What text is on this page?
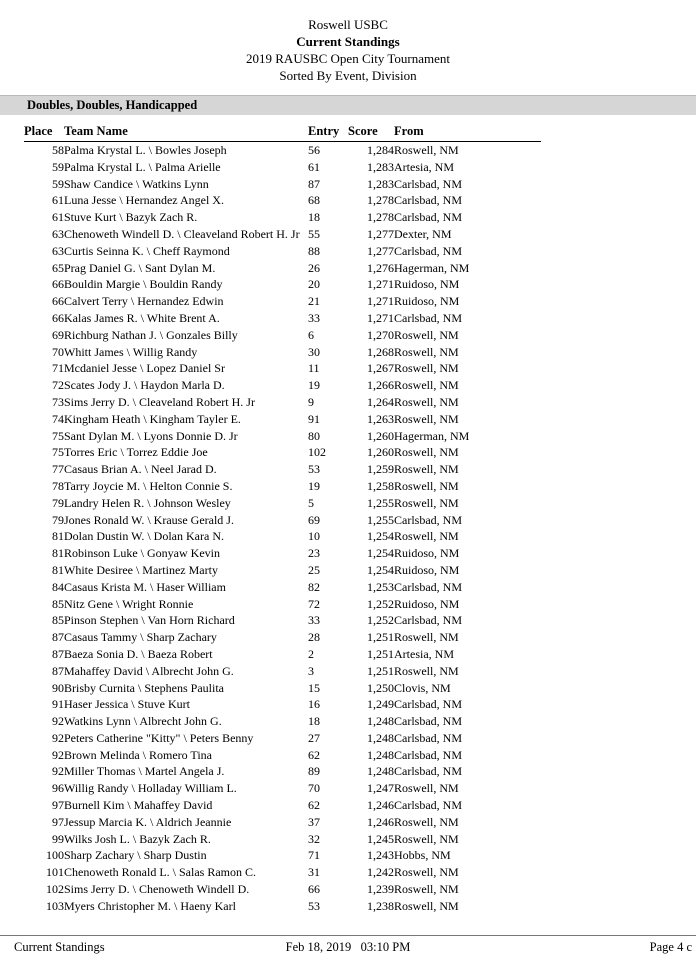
Roswell USBC
Current Standings
2019 RAUSBC Open City Tournament
Sorted By Event, Division
Doubles, Doubles, Handicapped
Place	Team Name	Entry	Score	From
58	Palma Krystal L. \ Bowles Joseph	56	1,284	Roswell, NM
59	Palma Krystal L. \ Palma Arielle	61	1,283	Artesia, NM
59	Shaw Candice \ Watkins Lynn	87	1,283	Carlsbad, NM
61	Luna Jesse \ Hernandez Angel X.	68	1,278	Carlsbad, NM
61	Stuve Kurt \ Bazyk Zach R.	18	1,278	Carlsbad, NM
63	Chenoweth Windell D. \ Cleaveland Robert H. Jr	55	1,277	Dexter, NM
63	Curtis Seinna K. \ Cheff Raymond	88	1,277	Carlsbad, NM
65	Prag Daniel G. \ Sant Dylan M.	26	1,276	Hagerman, NM
66	Bouldin Margie \ Bouldin Randy	20	1,271	Ruidoso, NM
66	Calvert Terry \ Hernandez Edwin	21	1,271	Ruidoso, NM
66	Kalas James R. \ White Brent A.	33	1,271	Carlsbad, NM
69	Richburg Nathan J. \ Gonzales Billy	6	1,270	Roswell, NM
70	Whitt James \ Willig Randy	30	1,268	Roswell, NM
71	Mcdaniel Jesse \ Lopez Daniel Sr	11	1,267	Roswell, NM
72	Scates Jody J. \ Haydon Marla D.	19	1,266	Roswell, NM
73	Sims Jerry D. \ Cleaveland Robert H. Jr	9	1,264	Roswell, NM
74	Kingham Heath \ Kingham Tayler E.	91	1,263	Roswell, NM
75	Sant Dylan M. \ Lyons Donnie D. Jr	80	1,260	Hagerman, NM
75	Torres Eric \ Torrez Eddie Joe	102	1,260	Roswell, NM
77	Casaus Brian A. \ Neel Jarad D.	53	1,259	Roswell, NM
78	Tarry Joycie M. \ Helton Connie S.	19	1,258	Roswell, NM
79	Landry Helen R. \ Johnson Wesley	5	1,255	Roswell, NM
79	Jones Ronald W. \ Krause Gerald J.	69	1,255	Carlsbad, NM
81	Dolan Dustin W. \ Dolan Kara N.	10	1,254	Roswell, NM
81	Robinson Luke \ Gonyaw Kevin	23	1,254	Ruidoso, NM
81	White Desiree \ Martinez Marty	25	1,254	Ruidoso, NM
84	Casaus Krista M. \ Haser William	82	1,253	Carlsbad, NM
85	Nitz Gene \ Wright Ronnie	72	1,252	Ruidoso, NM
85	Pinson Stephen \ Van Horn Richard	33	1,252	Carlsbad, NM
87	Casaus Tammy \ Sharp Zachary	28	1,251	Roswell, NM
87	Baeza Sonia D. \ Baeza Robert	2	1,251	Artesia, NM
87	Mahaffey David \ Albrecht John G.	3	1,251	Roswell, NM
90	Brisby Curnita \ Stephens Paulita	15	1,250	Clovis, NM
91	Haser Jessica \ Stuve Kurt	16	1,249	Carlsbad, NM
92	Watkins Lynn \ Albrecht John G.	18	1,248	Carlsbad, NM
92	Peters Catherine "Kitty" \ Peters Benny	27	1,248	Carlsbad, NM
92	Brown Melinda \ Romero Tina	62	1,248	Carlsbad, NM
92	Miller Thomas \ Martel Angela J.	89	1,248	Carlsbad, NM
96	Willig Randy \ Holladay William L.	70	1,247	Roswell, NM
97	Burnell Kim \ Mahaffey David	62	1,246	Carlsbad, NM
97	Jessup Marcia K. \ Aldrich Jeannie	37	1,246	Roswell, NM
99	Wilks Josh L. \ Bazyk Zach R.	32	1,245	Roswell, NM
100	Sharp Zachary \ Sharp Dustin	71	1,243	Hobbs, NM
101	Chenoweth Ronald L. \ Salas Ramon C.	31	1,242	Roswell, NM
102	Sims Jerry D. \ Chenoweth Windell D.	66	1,239	Roswell, NM
103	Myers Christopher M. \ Haeny Karl	53	1,238	Roswell, NM
Current Standings	Feb 18, 2019   03:10 PM	Page 4 c
